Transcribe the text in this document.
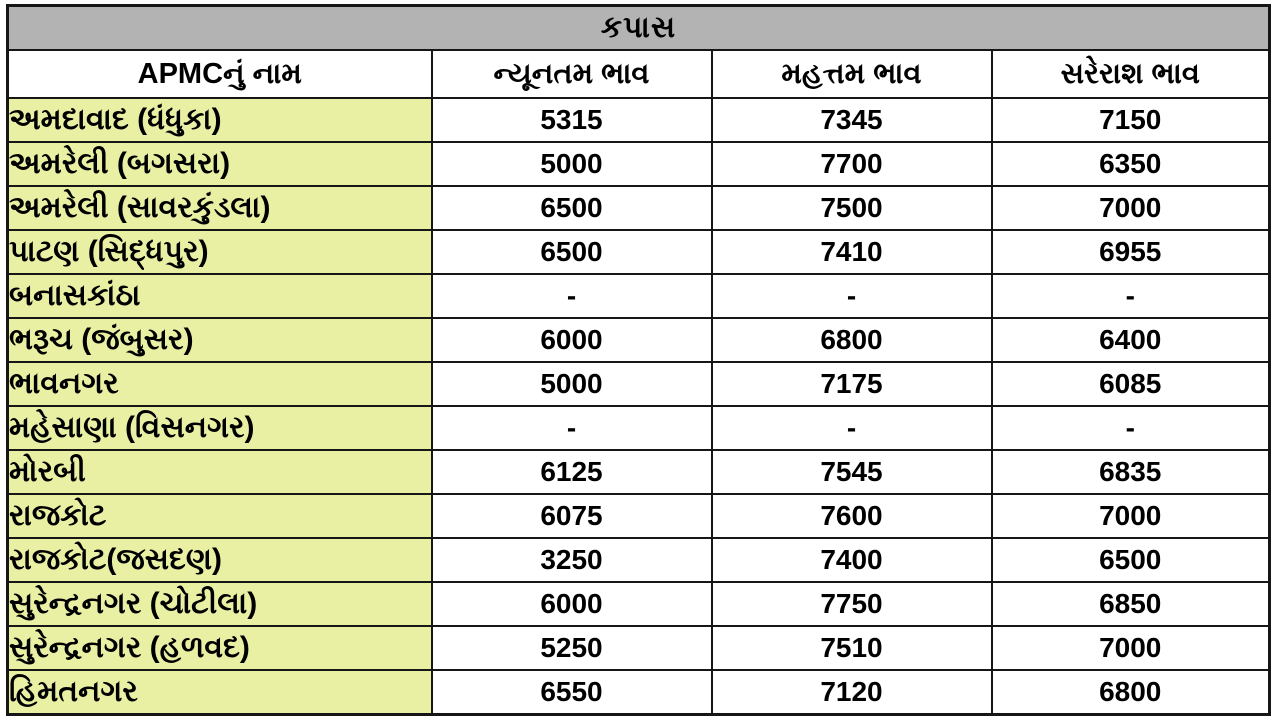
કપાસ			
APMCનું નામ	ન્યૂનતમ ભાવ	મહત્તમ ભાવ	સરેરાશ ભાવ
અમદાવાદ (ધંધુકા)	5315	7345	7150
અમરેલી (બગસરા)	5000	7700	6350
અમરેલી (સાવરકુંડલા)	6500	7500	7000
પાટણ (સિદ્ધપુર)	6500	7410	6955
બનાસકાંઠા	-	-	-
ભરૂચ (જંબુસર)	6000	6800	6400
ભાવનગર	5000	7175	6085
મહેસાણા (વિસનગર)	-	-	-
મોરબી	6125	7545	6835
રાજકોટ	6075	7600	7000
રાજકોટ(જસદણ)	3250	7400	6500
સુરેન્દ્રનગર (ચોટીલા)	6000	7750	6850
સુરેન્દ્રનગર (હળવદ)	5250	7510	7000
હિમતનગર	6550	7120	6800
